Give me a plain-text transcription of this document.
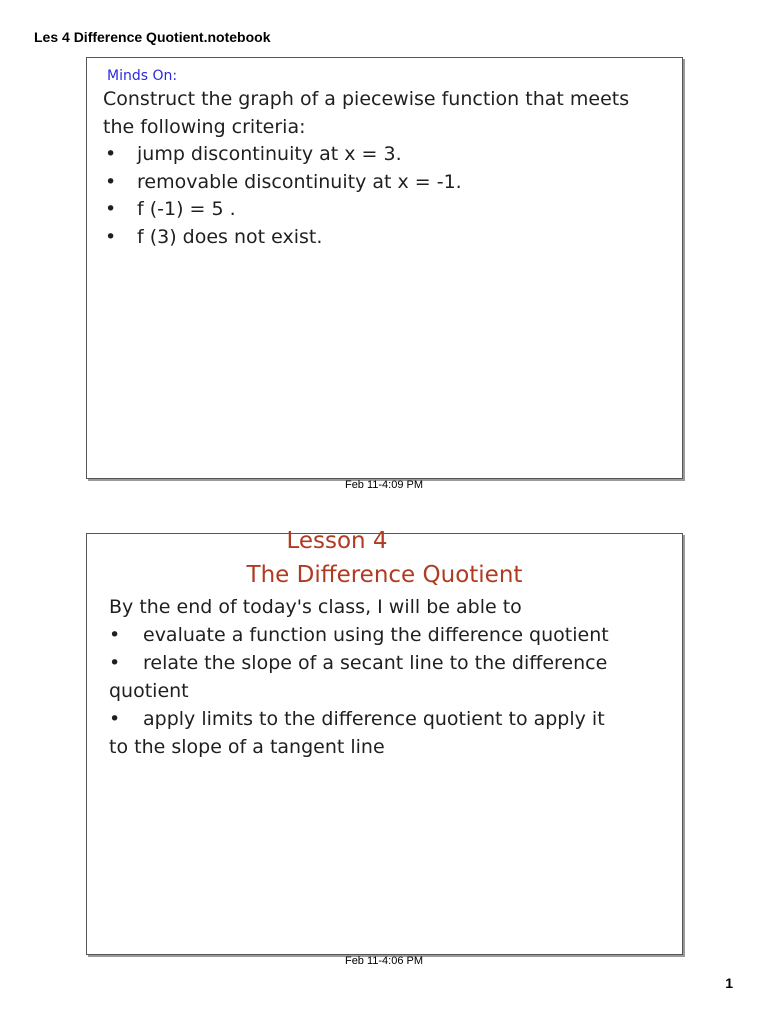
Les 4 Difference Quotient.notebook
Minds On:

Construct the graph of a piecewise function that meets the following criteria:

• jump discontinuity at x = 3.
• removable discontinuity at x = -1.
• f (-1) = 5 .
• f (3) does not exist.
Feb 11-4:09 PM
Lesson 4
The Difference Quotient

By the end of today's class, I will be able to

• evaluate a function using the difference quotient

• relate the slope of a secant line to the difference quotient

• apply limits to the difference quotient to apply it to the slope of a tangent line

Feb 11-4:06 PM
1
